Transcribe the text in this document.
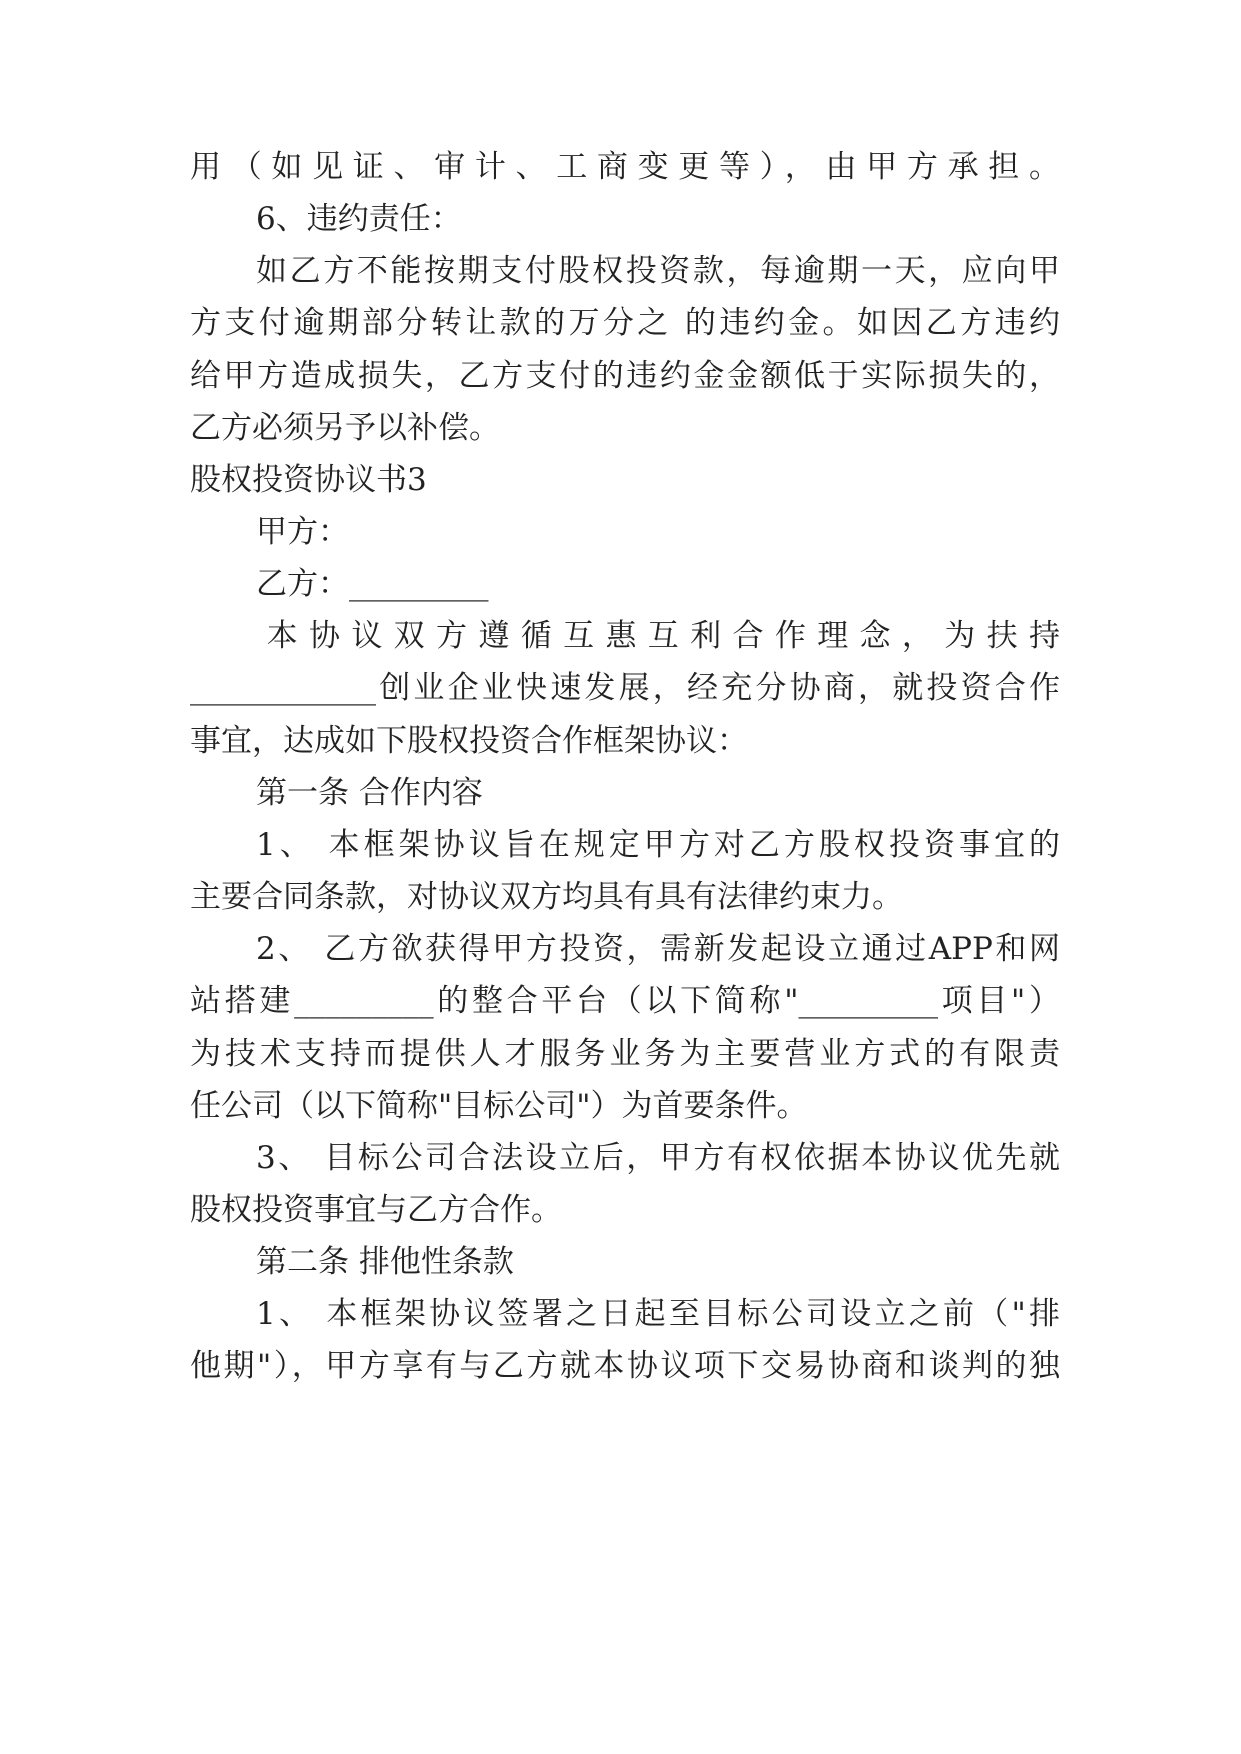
用（如见证、审计、工商变更等），由甲方承担。
6、违约责任：
如乙方不能按期支付股权投资款，每逾期一天，应向甲
方支付逾期部分转让款的万分之 的违约金。如因乙方违约
给甲方造成损失，乙方支付的违约金金额低于实际损失的，
乙方必须另予以补偿。
股权投资协议书3
甲方：
乙方：_________
本 协 议 双 方 遵 循 互 惠 互 利 合 作 理 念 ， 为 扶 持
____________创业企业快速发展，经充分协商，就投资合作
事宜，达成如下股权投资合作框架协议：
第一条 合作内容
1、 本框架协议旨在规定甲方对乙方股权投资事宜的
主要合同条款，对协议双方均具有具有法律约束力。
2、 乙方欲获得甲方投资，需新发起设立通过APP和网
站搭建_________的整合平台（以下简称"_________项目"）
为技术支持而提供人才服务业务为主要营业方式的有限责
任公司（以下简称"目标公司"）为首要条件。
3、 目标公司合法设立后，甲方有权依据本协议优先就
股权投资事宜与乙方合作。
第二条 排他性条款
1、 本框架协议签署之日起至目标公司设立之前（"排
他期"），甲方享有与乙方就本协议项下交易协商和谈判的独
